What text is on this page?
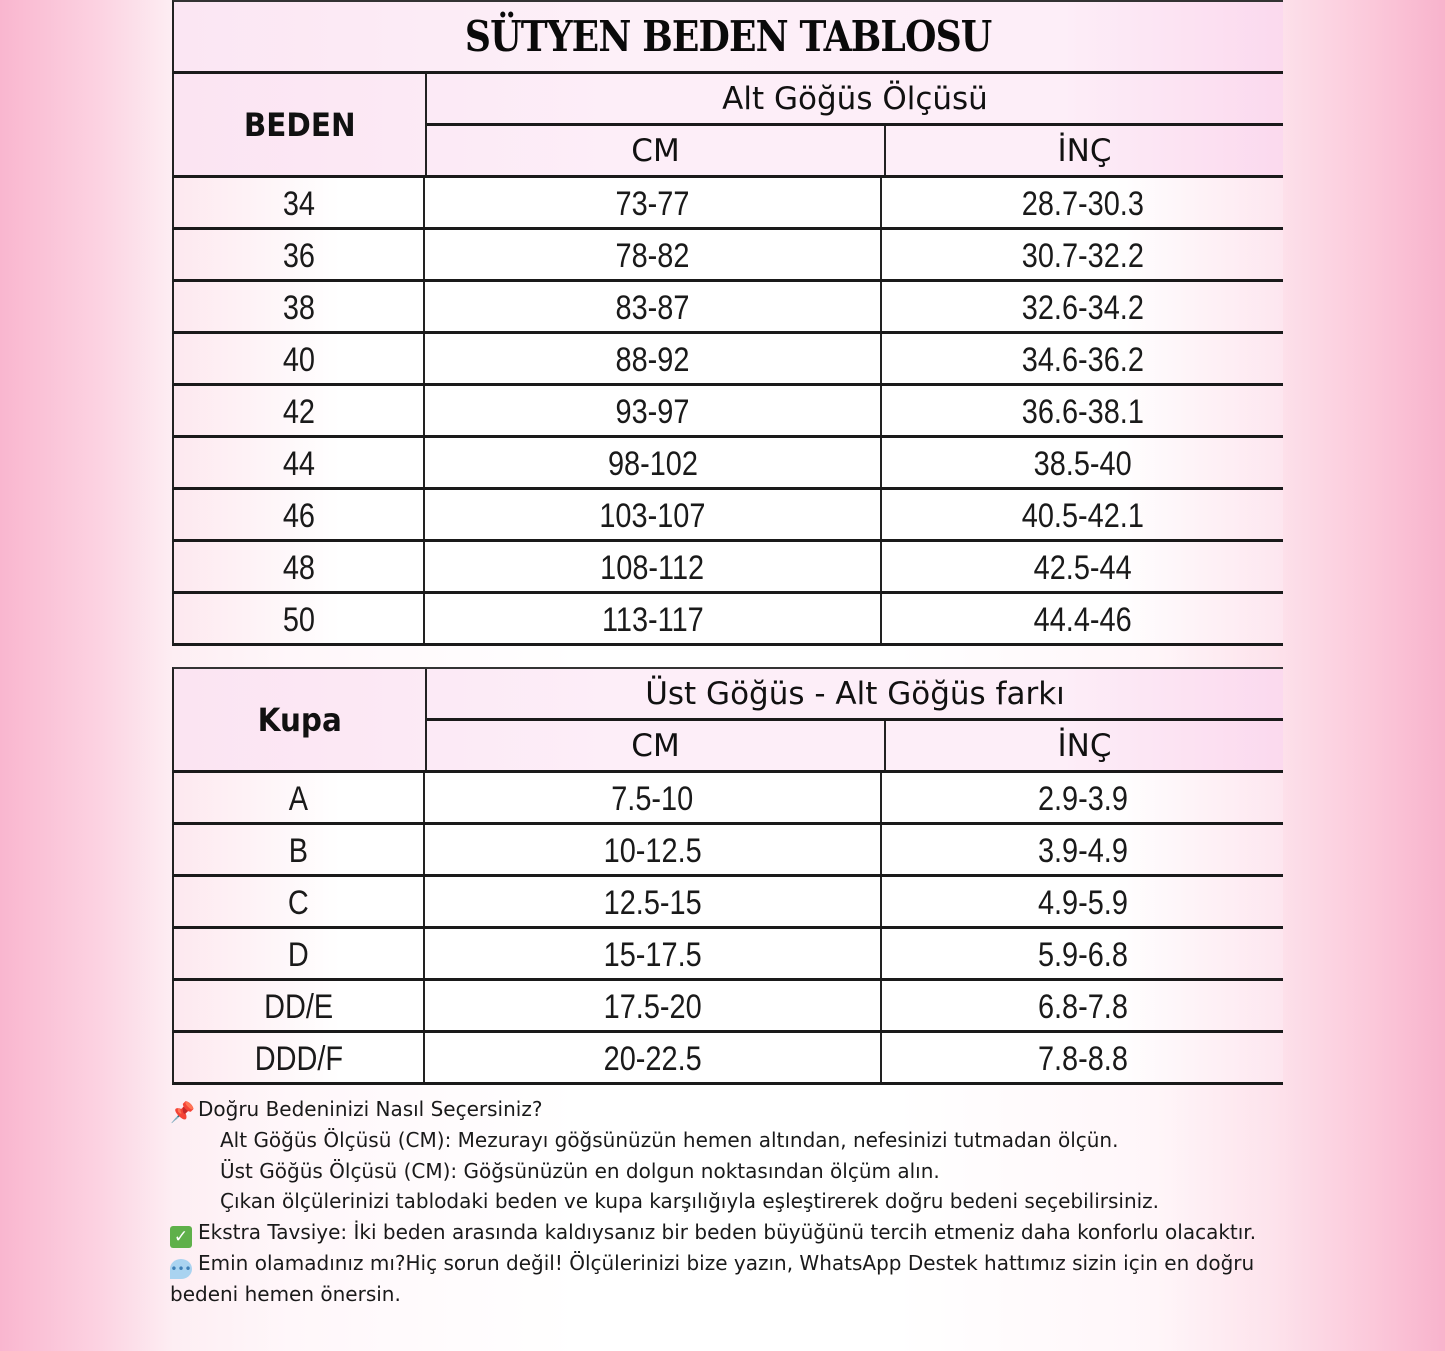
SÜTYEN BEDEN TABLOSU
BEDEN
Alt Göğüs Ölçüsü
CM	İNÇ
34	73-77	28.7-30.3
36	78-82	30.7-32.2
38	83-87	32.6-34.2
40	88-92	34.6-36.2
42	93-97	36.6-38.1
44	98-102	38.5-40
46	103-107	40.5-42.1
48	108-112	42.5-44
50	113-117	44.4-46
Kupa
Üst Göğüs - Alt Göğüs farkı
CM	İNÇ
A	7.5-10	2.9-3.9
B	10-12.5	3.9-4.9
C	12.5-15	4.9-5.9
D	15-17.5	5.9-6.8
DD/E	17.5-20	6.8-7.8
DDD/F	20-22.5	7.8-8.8
📌 Doğru Bedeninizi Nasıl Seçersiniz?
Alt Göğüs Ölçüsü (CM): Mezurayı göğsünüzün hemen altından, nefesinizi tutmadan ölçün.
Üst Göğüs Ölçüsü (CM): Göğsünüzün en dolgun noktasından ölçüm alın.
Çıkan ölçülerinizi tablodaki beden ve kupa karşılığıyla eşleştirerek doğru bedeni seçebilirsiniz.
✓ Ekstra Tavsiye: İki beden arasında kaldıysanız bir beden büyüğünü tercih etmeniz daha konforlu olacaktır.
••• Emin olamadınız mı?Hiç sorun değil! Ölçülerinizi bize yazın, WhatsApp Destek hattımız sizin için en doğru bedeni hemen önersin.
